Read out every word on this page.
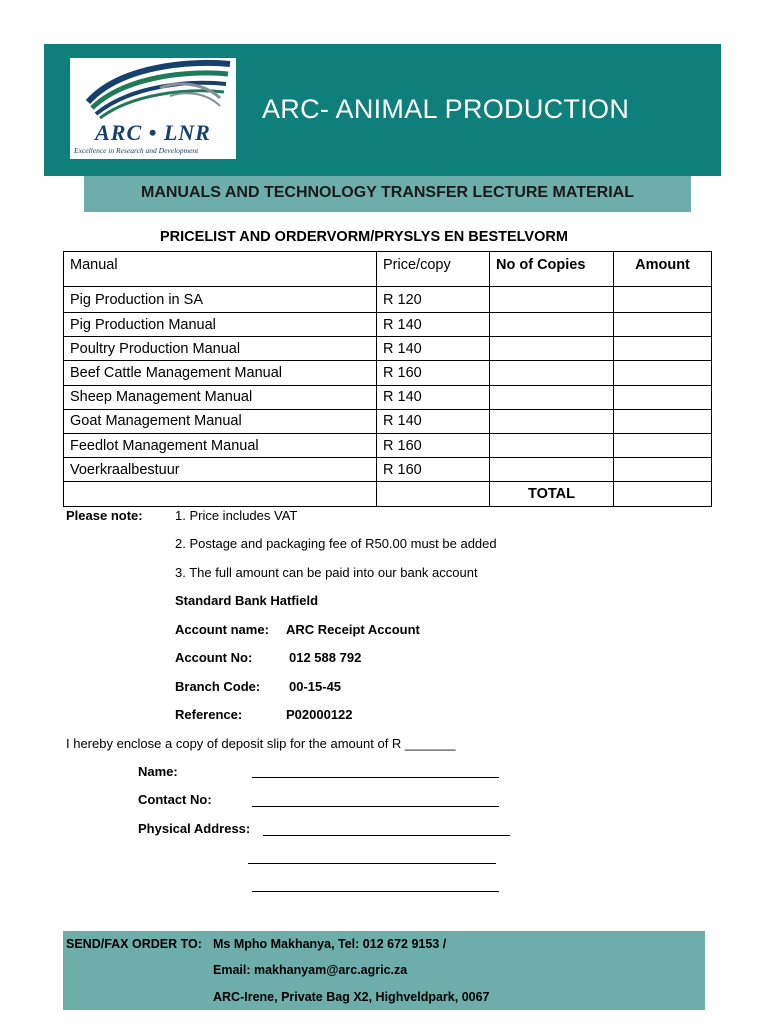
ARC • LNR
Excellence in Research and Development
ARC- ANIMAL PRODUCTION
MANUALS AND TECHNOLOGY TRANSFER LECTURE MATERIAL
PRICELIST AND ORDERVORM/PRYSLYS EN BESTELVORM
Manual	Price/copy	No of Copies	Amount
Pig Production in SA	R 120		
Pig Production Manual	R 140		
Poultry Production Manual	R 140		
Beef Cattle Management Manual	R 160		
Sheep Management Manual	R 140		
Goat Management Manual	R 140		
Feedlot Management Manual	R 160		
Voerkraalbestuur	R 160		
		TOTAL	
Please note: 1. Price includes VAT
2. Postage and packaging fee of R50.00 must be added
3. The full amount can be paid into our bank account
Standard Bank Hatfield
Account name: ARC Receipt Account
Account No:	012 588 792
Branch Code: 00-15-45
Reference:	P02000122
I hereby enclose a copy of deposit slip for the amount of R _______
Name:
Contact No:
Physical Address:
SEND/FAX ORDER TO: Ms Mpho Makhanya, Tel: 012 672 9153 /
Email: makhanyam@arc.agric.za
ARC-Irene, Private Bag X2, Highveldpark, 0067
